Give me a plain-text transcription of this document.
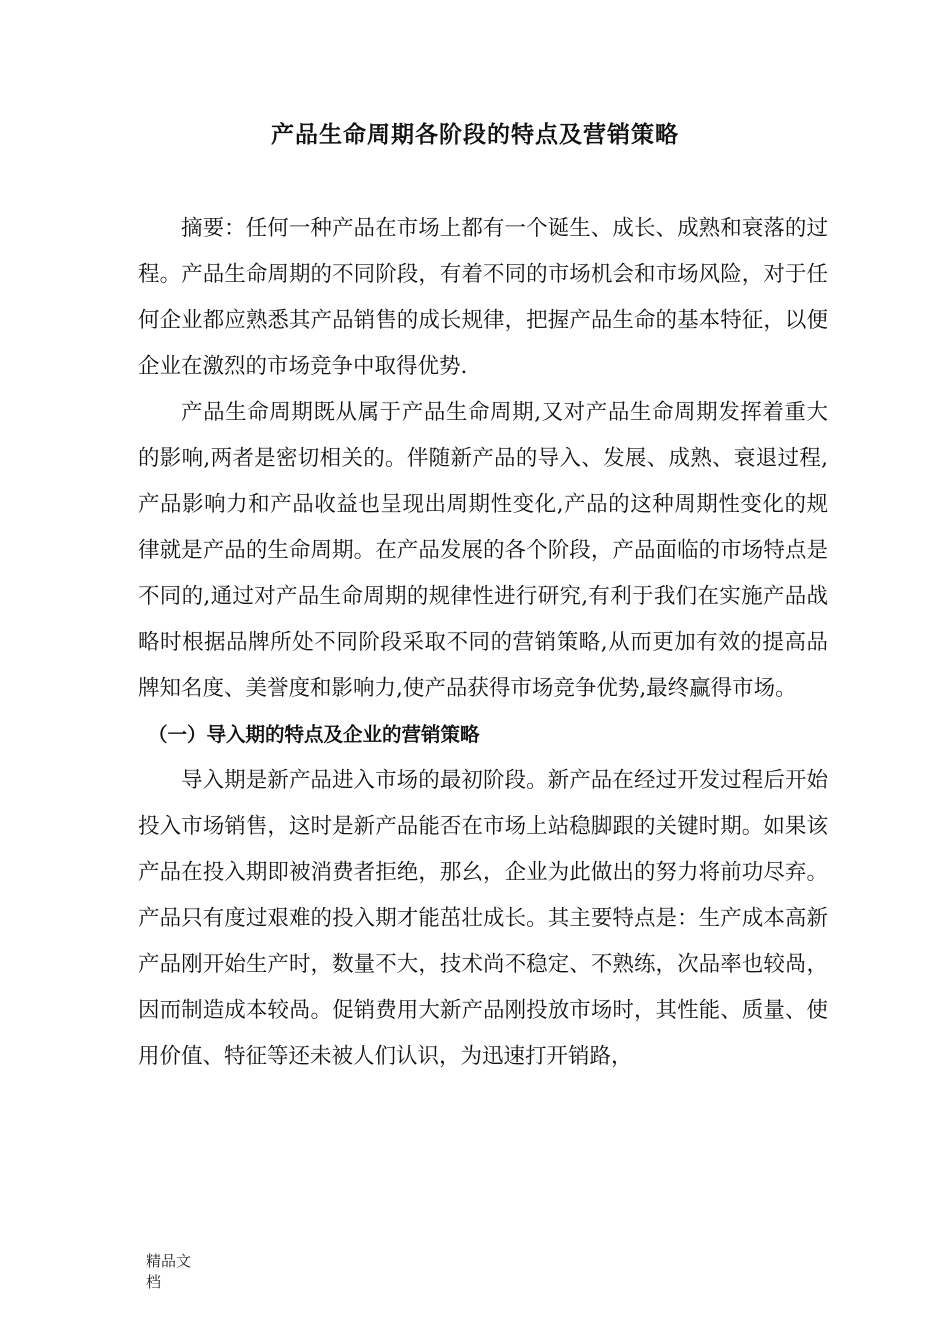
产品生命周期各阶段的特点及营销策略

摘要：任何一种产品在市场上都有一个诞生、成长、成熟和衰落的过程。产品生命周期的不同阶段，有着不同的市场机会和市场风险，对于任何企业都应熟悉其产品销售的成长规律，把握产品生命的基本特征，以便企业在激烈的市场竞争中取得优势.

产品生命周期既从属于产品生命周期,又对产品生命周期发挥着重大的影响,两者是密切相关的。伴随新产品的导入、发展、成熟、衰退过程,产品影响力和产品收益也呈现出周期性变化,产品的这种周期性变化的规律就是产品的生命周期。在产品发展的各个阶段，产品面临的市场特点是不同的,通过对产品生命周期的规律性进行研究,有利于我们在实施产品战略时根据品牌所处不同阶段采取不同的营销策略,从而更加有效的提高品牌知名度、美誉度和影响力,使产品获得市场竞争优势,最终赢得市场。

（一）导入期的特点及企业的营销策略

导入期是新产品进入市场的最初阶段。新产品在经过开发过程后开始投入市场销售，这时是新产品能否在市场上站稳脚跟的关键时期。如果该产品在投入期即被消费者拒绝，那幺，企业为此做出的努力将前功尽弃。产品只有度过艰难的投入期才能茁壮成长。其主要特点是：生产成本高新产品刚开始生产时，数量不大，技术尚不稳定、不熟练，次品率也较咼，因而制造成本较咼。促销费用大新产品刚投放市场时，其性能、质量、使用价值、特征等还未被人们认识，为迅速打开销路，

精品文
档
